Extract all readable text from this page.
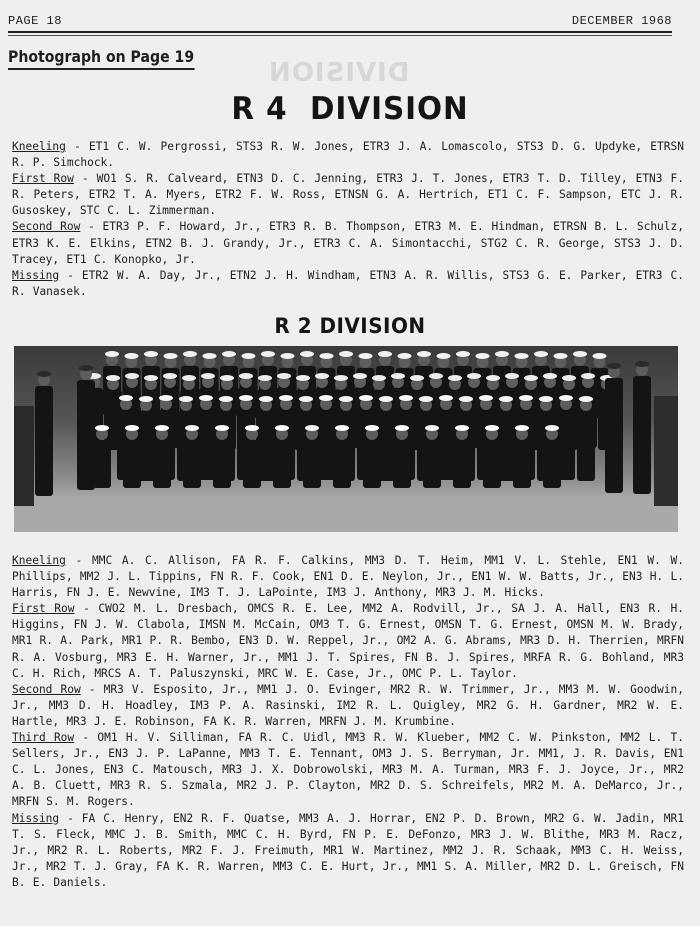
PAGE 18	DECEMBER 1968
Photograph on Page 19
DIVISION
R 4  DIVISION

Kneeling - ET1 C. W. Pergrossi, STS3 R. W. Jones, ETR3 J. A. Lomascolo, STS3 D. G. Updyke, ETRSN R. P. Simchock.

First Row - WO1 S. R. Calveard, ETN3 D. C. Jenning, ETR3 J. T. Jones, ETR3 T. D. Tilley, ETN3 F. R. Peters, ETR2 T. A. Myers, ETR2 F. W. Ross, ETNSN G. A. Hertrich, ET1 C. F. Sampson, ETC J. R. Gusoskey, STC C. L. Zimmerman.

Second Row - ETR3 P. F. Howard, Jr., ETR3 R. B. Thompson, ETR3 M. E. Hindman, ETRSN B. L. Schulz, ETR3 K. E. Elkins, ETN2 B. J. Grandy, Jr., ETR3 C. A. Simontacchi, STG2 C. R. George, STS3 J. D. Tracey, ET1 C. Konopko, Jr.

Missing - ETR2 W. A. Day, Jr., ETN2 J. H. Windham, ETN3 A. R. Willis, STS3 G. E. Parker, ETR3 C. R. Vanasek.

R 2 DIVISION

Kneeling - MMC A. C. Allison, FA R. F. Calkins, MM3 D. T. Heim, MM1 V. L. Stehle, EN1 W. W. Phillips, MM2 J. L. Tippins, FN R. F. Cook, EN1 D. E. Neylon, Jr., EN1 W. W. Batts, Jr., EN3 H. L. Harris, FN J. E. Newvine, IM3 T. J. LaPointe, IM3 J. Anthony, MR3 J. M. Hicks.

First Row - CWO2 M. L. Dresbach, OMCS R. E. Lee, MM2 A. Rodvill, Jr., SA J. A. Hall, EN3 R. H. Higgins, FN J. W. Clabola, IMSN M. McCain, OM3 T. G. Ernest, OMSN T. G. Ernest, OMSN M. W. Brady, MR1 R. A. Park, MR1 P. R. Bembo, EN3 D. W. Reppel, Jr., OM2 A. G. Abrams, MR3 D. H. Therrien, MRFN R. A. Vosburg, MR3 E. H. Warner, Jr., MM1 J. T. Spires, FN B. J. Spires, MRFA R. G. Bohland, MR3 C. H. Rich, MRCS A. T. Paluszynski, MRC W. E. Case, Jr., OMC P. L. Taylor.

Second Row - MR3 V. Esposito, Jr., MM1 J. O. Evinger, MR2 R. W. Trimmer, Jr., MM3 M. W. Goodwin, Jr., MM3 D. H. Hoadley, IM3 P. A. Rasinski, IM2 R. L. Quigley, MR2 G. H. Gardner, MR2 W. E. Hartle, MR3 J. E. Robinson, FA K. R. Warren, MRFN J. M. Krumbine.

Third Row - OM1 H. V. Silliman, FA R. C. Uidl, MM3 R. W. Klueber, MM2 C. W. Pinkston, MM2 L. T. Sellers, Jr., EN3 J. P. LaPanne, MM3 T. E. Tennant, OM3 J. S. Berryman, Jr. MM1, J. R. Davis, EN1 C. L. Jones, EN3 C. Matousch, MR3 J. X. Dobrowolski, MR3 M. A. Turman, MR3 F. J. Joyce, Jr., MR2 A. B. Cluett, MR3 R. S. Szmala, MR2 J. P. Clayton, MR2 D. S. Schreifels, MR2 M. A. DeMarco, Jr., MRFN S. M. Rogers.

Missing - FA C. Henry, EN2 R. F. Quatse, MM3 A. J. Horrar, EN2 P. D. Brown, MR2 G. W. Jadin, MR1 T. S. Fleck, MMC J. B. Smith, MMC C. H. Byrd, FN P. E. DeFonzo, MR3 J. W. Blithe, MR3 M. Racz, Jr., MR2 R. L. Roberts, MR2 F. J. Freimuth, MR1 W. Martinez, MM2 J. R. Schaak, MM3 C. H. Weiss, Jr., MR2 T. J. Gray, FA K. R. Warren, MM3 C. E. Hurt, Jr., MM1 S. A. Miller, MR2 D. L. Greisch, FN B. E. Daniels.
